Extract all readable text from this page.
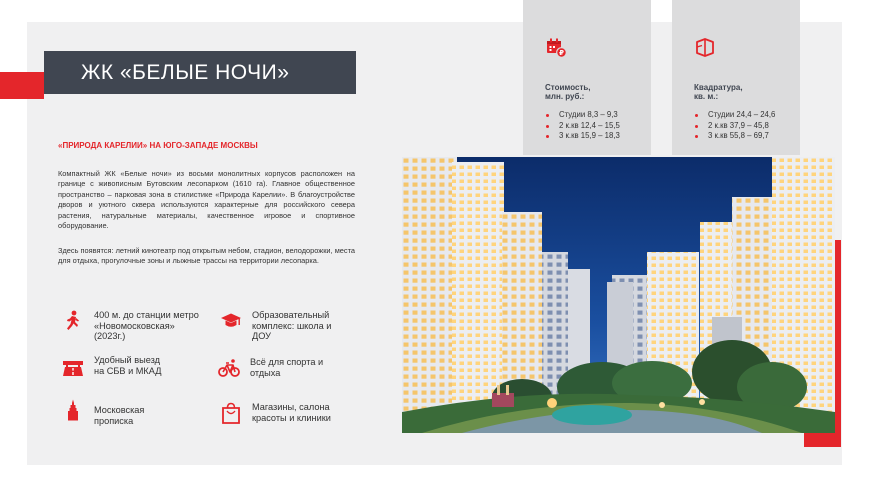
ЖК «БЕЛЫЕ НОЧИ»
«ПРИРОДА КАРЕЛИИ» НА ЮГО-ЗАПАДЕ МОСКВЫ

Компактный ЖК «Белые ночи» из восьми монолитных корпусов расположен на границе с живописным Бутовским лесопарком (1610 га). Главное общественное пространство – парковая зона в стилистике «Природа Карелии». В благоустройстве дворов и уютного сквера используются характерные для российского севера растения, натуральные материалы, качественное игровое и спортивное оборудование.

Здесь появятся: летний кинотеатр под открытым небом, стадион, велодорожки, места для отдыха, прогулочные зоны и лыжные трассы на территории лесопарка.

₽
Стоимость,
млн. руб.:
Студии 8,3 – 9,3
2 к.кв 12,4 – 15,5
3 к.кв 15,9 – 18,3
Квадратура,
кв. м.:
Студии 24,4 – 24,6
2 к.кв 37,9 – 45,8
3 к.кв 55,8 – 69,7
400 м. до станции метро
«Новомосковская»
(2023г.)
Образовательный
комплекс: школа и
ДОУ
Удобный выезд
на СБВ и МКАД
Всё для спорта и
отдыха
Московская
прописка
Магазины, салона
красоты и клиники
